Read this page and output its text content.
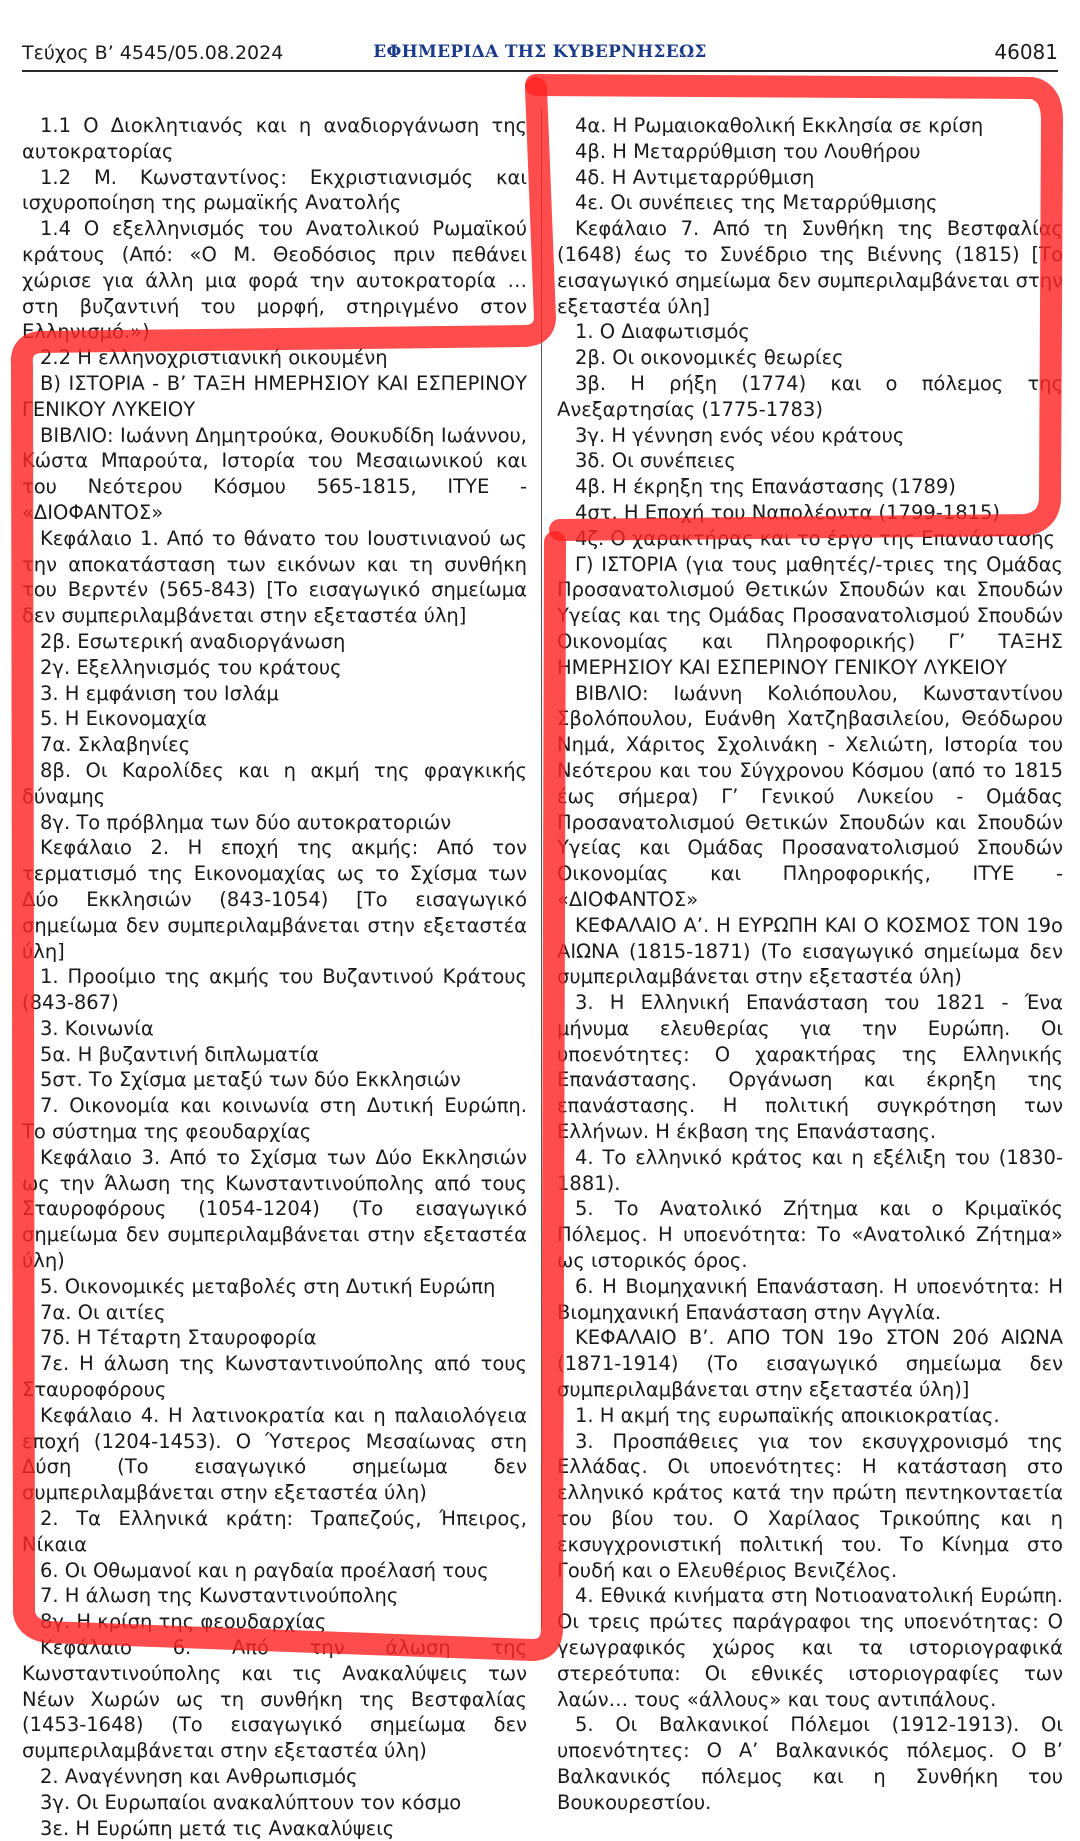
Τεύχος Β’ 4545/05.08.2024	ΕΦΗΜΕΡΙΔΑ ΤΗΣ ΚΥΒΕΡΝΗΣΕΩΣ	46081

1.1 Ο Διοκλητιανός και η αναδιοργάνωση της αυτοκρατορίας

1.2 Μ. Κωνσταντίνος: Εκχριστιανισμός και ισχυροποίηση της ρωμαϊκής Ανατολής

1.4 Ο εξελληνισμός του Ανατολικού Ρωμαϊκού κράτους (Από: «Ο Μ. Θεοδόσιος πριν πεθάνει χώρισε για άλλη μια φορά την αυτοκρατορία … στη βυζαντινή του μορφή, στηριγμένο στον Ελληνισμό.»)

2.2 Η ελληνοχριστιανική οικουμένη

Β) ΙΣΤΟΡΙΑ - Β’ ΤΑΞΗ ΗΜΕΡΗΣΙΟΥ ΚΑΙ ΕΣΠΕΡΙΝΟΥ ΓΕΝΙΚΟΥ ΛΥΚΕΙΟΥ

ΒΙΒΛΙΟ: Ιωάννη Δημητρούκα, Θουκυδίδη Ιωάννου, Κώστα Μπαρούτα, Ιστορία του Μεσαιωνικού και του Νεότερου Κόσμου 565-1815, ΙΤΥΕ - «ΔΙΟΦΑΝΤΟΣ»

Κεφάλαιο 1. Από το θάνατο του Ιουστινιανού ως την αποκατάσταση των εικόνων και τη συνθήκη του Βερντέν (565-843) [Το εισαγωγικό σημείωμα δεν συμπεριλαμβάνεται στην εξεταστέα ύλη]

2β. Εσωτερική αναδιοργάνωση

2γ. Εξελληνισμός του κράτους

3. Η εμφάνιση του Ισλάμ

5. Η Εικονομαχία

7α. Σκλαβηνίες

8β. Οι Καρολίδες και η ακμή της φραγκικής δύναμης

8γ. Το πρόβλημα των δύο αυτοκρατοριών

Κεφάλαιο 2. Η εποχή της ακμής: Από τον τερματισμό της Εικονομαχίας ως το Σχίσμα των Δύο Εκκλησιών (843-1054) [Το εισαγωγικό σημείωμα δεν συμπεριλαμβάνεται στην εξεταστέα ύλη]

1. Προοίμιο της ακμής του Βυζαντινού Κράτους (843-867)

3. Κοινωνία

5α. Η βυζαντινή διπλωματία

5στ. Το Σχίσμα μεταξύ των δύο Εκκλησιών

7. Οικονομία και κοινωνία στη Δυτική Ευρώπη. Το σύστημα της φεουδαρχίας

Κεφάλαιο 3. Από το Σχίσμα των Δύο Εκκλησιών ως την Άλωση της Κωνσταντινούπολης από τους Σταυροφόρους (1054-1204) (Το εισαγωγικό σημείωμα δεν συμπεριλαμβάνεται στην εξεταστέα ύλη)

5. Οικονομικές μεταβολές στη Δυτική Ευρώπη

7α. Οι αιτίες

7δ. Η Τέταρτη Σταυροφορία

7ε. Η άλωση της Κωνσταντινούπολης από τους Σταυροφόρους

Κεφάλαιο 4. Η λατινοκρατία και η παλαιολόγεια εποχή (1204-1453). Ο Ύστερος Μεσαίωνας στη Δύση (Το εισαγωγικό σημείωμα δεν συμπεριλαμβάνεται στην εξεταστέα ύλη)

2. Τα Ελληνικά κράτη: Τραπεζούς, Ήπειρος, Νίκαια

6. Οι Οθωμανοί και η ραγδαία προέλασή τους

7. Η άλωση της Κωνσταντινούπολης

8γ. Η κρίση της φεουδαρχίας

Κεφάλαιο 6. Από την άλωση της Κωνσταντινούπολης και τις Ανακαλύψεις των Νέων Χωρών ως τη συνθήκη της Βεστφαλίας (1453-1648) (Το εισαγωγικό σημείωμα δεν συμπεριλαμβάνεται στην εξεταστέα ύλη)

2. Αναγέννηση και Ανθρωπισμός

3γ. Οι Ευρωπαίοι ανακαλύπτουν τον κόσμο

3ε. Η Ευρώπη μετά τις Ανακαλύψεις

4α. Η Ρωμαιοκαθολική Εκκλησία σε κρίση

4β. Η Μεταρρύθμιση του Λουθήρου

4δ. Η Αντιμεταρρύθμιση

4ε. Οι συνέπειες της Μεταρρύθμισης

Κεφάλαιο 7. Από τη Συνθήκη της Βεστφαλίας (1648) έως το Συνέδριο της Βιέννης (1815) [Το εισαγωγικό σημείωμα δεν συμπεριλαμβάνεται στην εξεταστέα ύλη]

1. Ο Διαφωτισμός

2β. Οι οικονομικές θεωρίες

3β. Η ρήξη (1774) και ο πόλεμος της Ανεξαρτησίας (1775-1783)

3γ. Η γέννηση ενός νέου κράτους

3δ. Οι συνέπειες

4β. Η έκρηξη της Επανάστασης (1789)

4στ. Η Εποχή του Ναπολέοντα (1799-1815)

4ζ. Ο χαρακτήρας και το έργο της Επανάστασης

Γ) ΙΣΤΟΡΙΑ (για τους μαθητές/-τριες της Ομάδας Προσανατολισμού Θετικών Σπουδών και Σπουδών Υγείας και της Ομάδας Προσανατολισμού Σπουδών Οικονομίας και Πληροφορικής) Γ’ ΤΑΞΗΣ ΗΜΕΡΗΣΙΟΥ ΚΑΙ ΕΣΠΕΡΙΝΟΥ ΓΕΝΙΚΟΥ ΛΥΚΕΙΟΥ

ΒΙΒΛΙΟ: Ιωάννη Κολιόπουλου, Κωνσταντίνου Σβολόπουλου, Ευάνθη Χατζηβασιλείου, Θεόδωρου Νημά, Χάριτος Σχολινάκη - Χελιώτη, Ιστορία του Νεότερου και του Σύγχρονου Κόσμου (από το 1815 έως σήμερα) Γ’ Γενικού Λυκείου - Ομάδας Προσανατολισμού Θετικών Σπουδών και Σπουδών Υγείας και Ομάδας Προσανατολισμού Σπουδών Οικονομίας και Πληροφορικής, ΙΤΥΕ - «ΔΙΟΦΑΝΤΟΣ»

ΚΕΦΑΛΑΙΟ Α’. Η ΕΥΡΩΠΗ ΚΑΙ Ο ΚΟΣΜΟΣ ΤΟΝ 19ο ΑΙΩΝΑ (1815-1871) (Το εισαγωγικό σημείωμα δεν συμπεριλαμβάνεται στην εξεταστέα ύλη)

3. Η Ελληνική Επανάσταση του 1821 - Ένα μήνυμα ελευθερίας για την Ευρώπη. Οι υποενότητες: Ο χαρακτήρας της Ελληνικής Επανάστασης. Οργάνωση και έκρηξη της επανάστασης. Η πολιτική συγκρότηση των Ελλήνων. Η έκβαση της Επανάστασης.

4. Το ελληνικό κράτος και η εξέλιξη του (1830-1881).

5. Το Ανατολικό Ζήτημα και ο Κριμαϊκός Πόλεμος. Η υποενότητα: Το «Ανατολικό Ζήτημα» ως ιστορικός όρος.

6. Η Βιομηχανική Επανάσταση. Η υποενότητα: Η Βιομηχανική Επανάσταση στην Αγγλία.

ΚΕΦΑΛΑΙΟ Β’. ΑΠΟ ΤΟΝ 19ο ΣΤΟΝ 20ό ΑΙΩΝΑ (1871-1914) (Το εισαγωγικό σημείωμα δεν συμπεριλαμβάνεται στην εξεταστέα ύλη)]

1. Η ακμή της ευρωπαϊκής αποικιοκρατίας.

3. Προσπάθειες για τον εκσυγχρονισμό της Ελλάδας. Οι υποενότητες: Η κατάσταση στο ελληνικό κράτος κατά την πρώτη πεντηκονταετία του βίου του. Ο Χαρίλαος Τρικούπης και η εκσυγχρονιστική πολιτική του. Το Κίνημα στο Γουδή και ο Ελευθέριος Βενιζέλος.

4. Εθνικά κινήματα στη Νοτιοανατολική Ευρώπη. Οι τρεις πρώτες παράγραφοι της υποενότητας: Ο γεωγραφικός χώρος και τα ιστοριογραφικά στερεότυπα: Οι εθνικές ιστοριογραφίες των λαών… τους «άλλους» και τους αντιπάλους.

5. Οι Βαλκανικοί Πόλεμοι (1912-1913). Οι υποενότητες: Ο Α’ Βαλκανικός πόλεμος. Ο Β’ Βαλκανικός πόλεμος και η Συνθήκη του Βουκουρεστίου.
